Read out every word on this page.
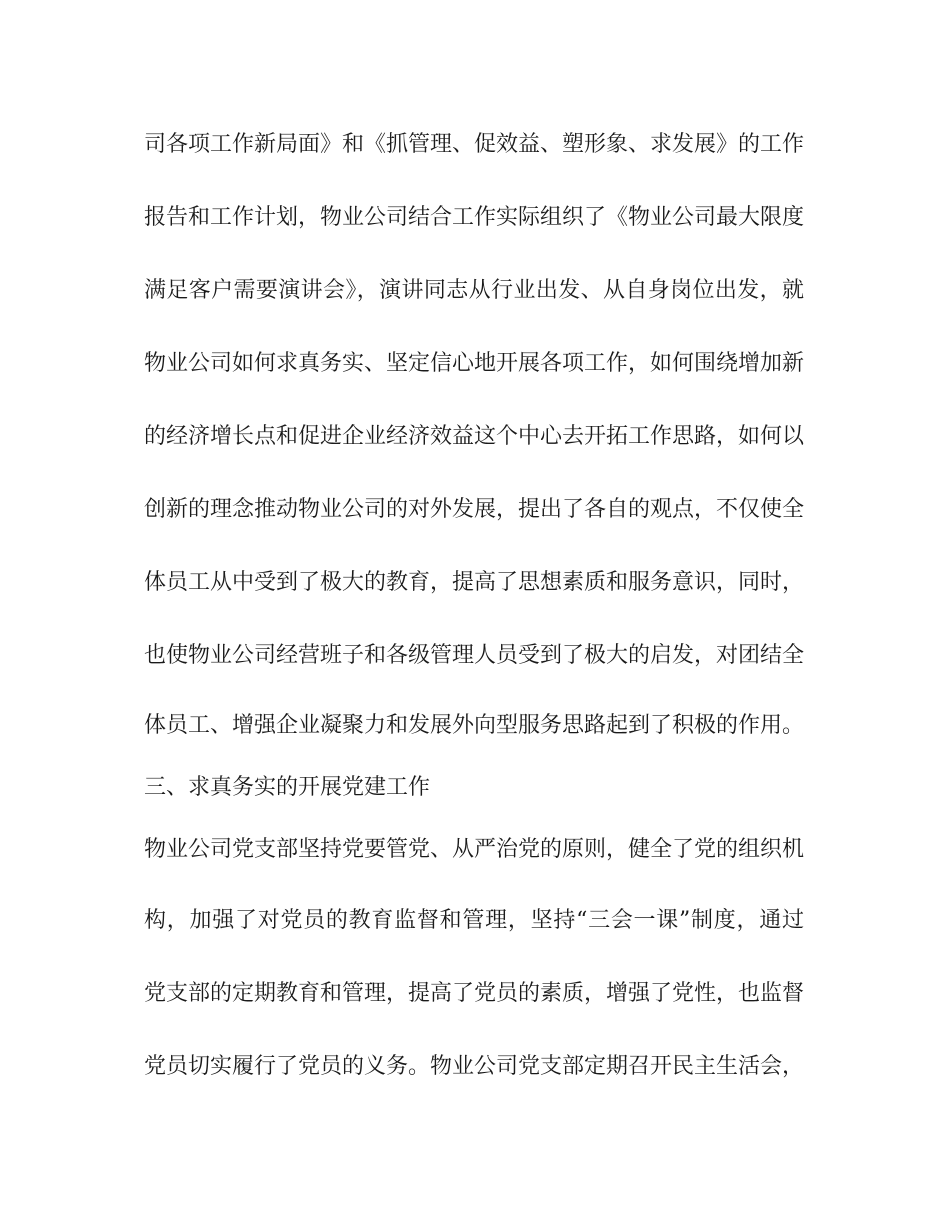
司各项工作新局面》和《抓管理、促效益、塑形象、求发展》的工作
报告和工作计划，物业公司结合工作实际组织了《物业公司最大限度
满足客户需要演讲会》，演讲同志从行业出发、从自身岗位出发，就
物业公司如何求真务实、坚定信心地开展各项工作，如何围绕增加新
的经济增长点和促进企业经济效益这个中心去开拓工作思路，如何以
创新的理念推动物业公司的对外发展，提出了各自的观点，不仅使全
体员工从中受到了极大的教育，提高了思想素质和服务意识，同时，
也使物业公司经营班子和各级管理人员受到了极大的启发，对团结全
体员工、增强企业凝聚力和发展外向型服务思路起到了积极的作用。
三、求真务实的开展党建工作
物业公司党支部坚持党要管党、从严治党的原则，健全了党的组织机
构，加强了对党员的教育监督和管理，坚持“三会一课”制度，通过
党支部的定期教育和管理，提高了党员的素质，增强了党性，也监督
党员切实履行了党员的义务。物业公司党支部定期召开民主生活会，
